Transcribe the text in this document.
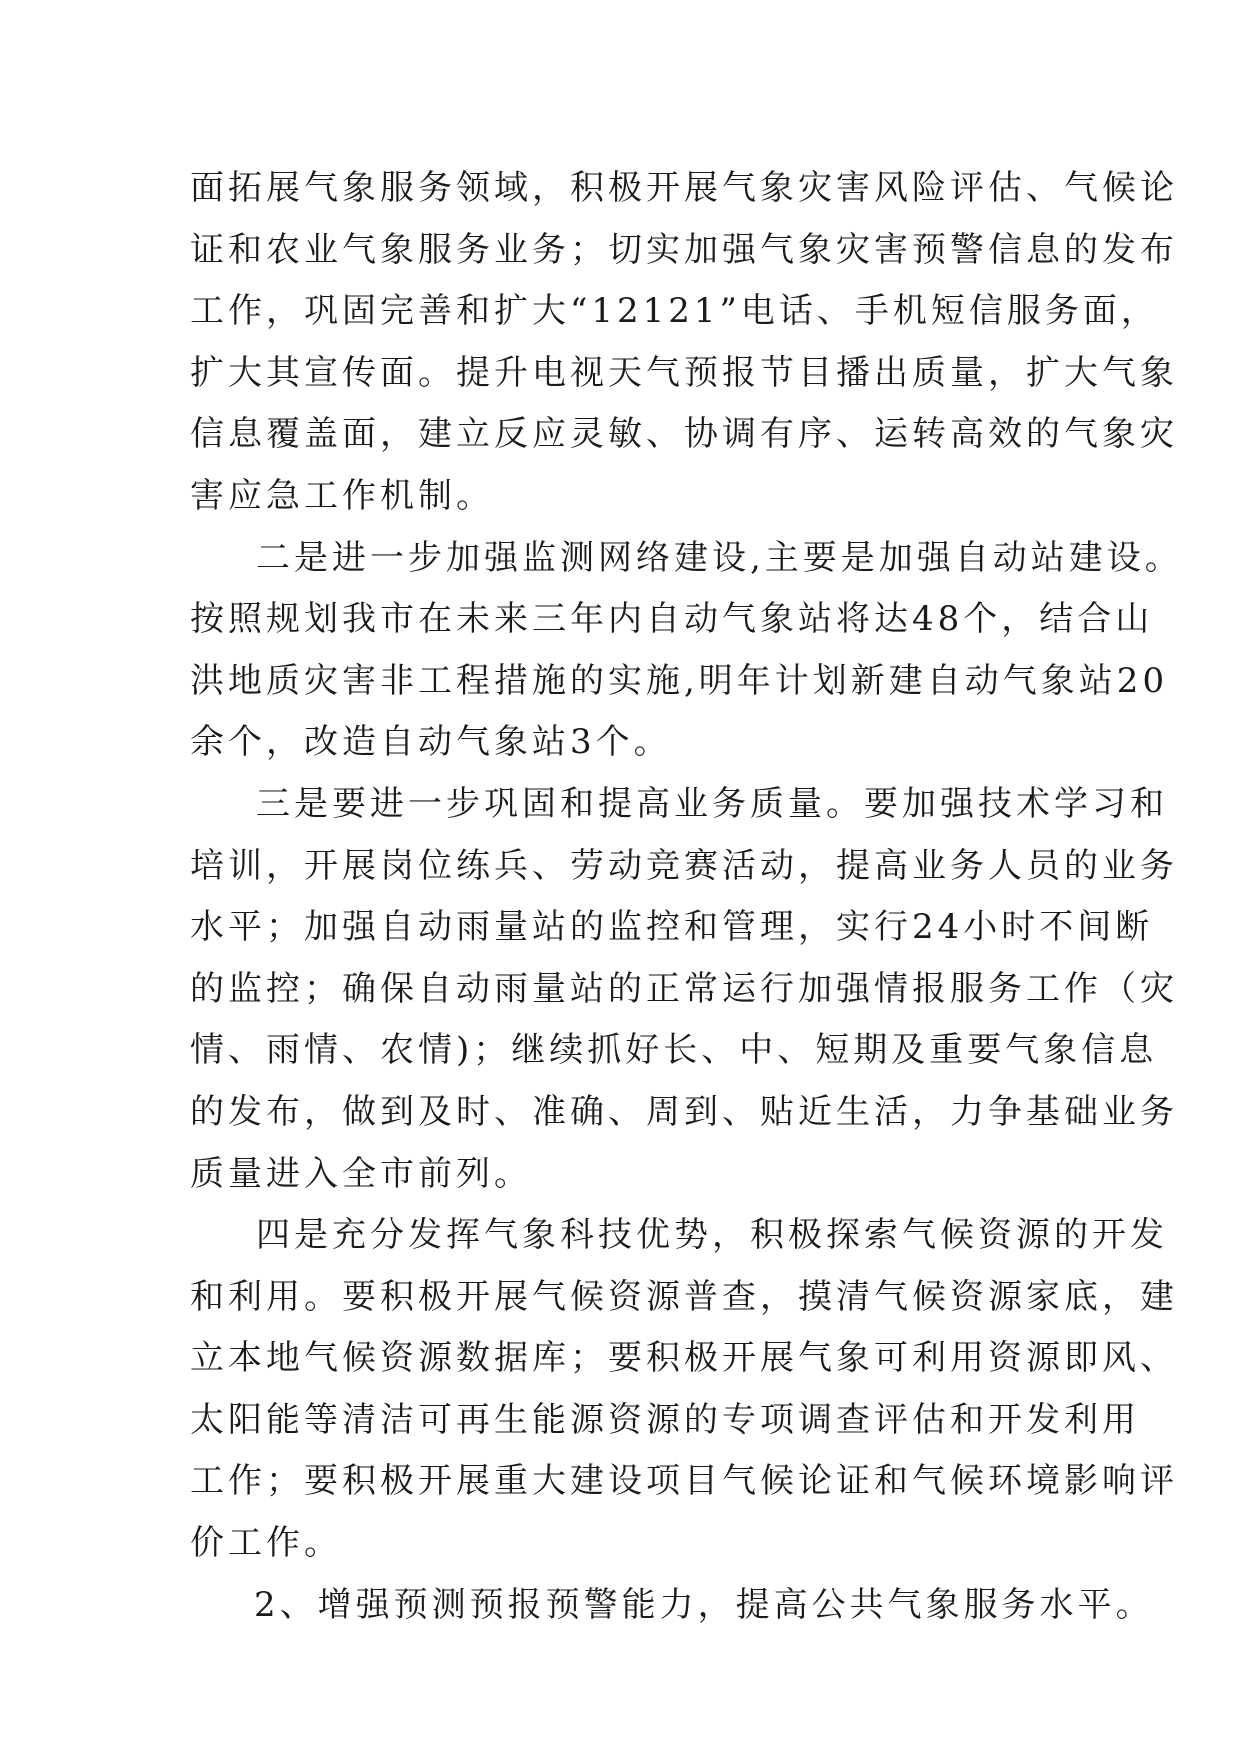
面拓展气象服务领域，积极开展气象灾害风险评估、气候论
证和农业气象服务业务；切实加强气象灾害预警信息的发布
工作，巩固完善和扩大“12121”电话、手机短信服务面，
扩大其宣传面。提升电视天气预报节目播出质量，扩大气象
信息覆盖面，建立反应灵敏、协调有序、运转高效的气象灾
害应急工作机制。
二是进一步加强监测网络建设,主要是加强自动站建设。
按照规划我市在未来三年内自动气象站将达48个，结合山
洪地质灾害非工程措施的实施,明年计划新建自动气象站20
余个，改造自动气象站3个。
三是要进一步巩固和提高业务质量。要加强技术学习和
培训，开展岗位练兵、劳动竞赛活动，提高业务人员的业务
水平；加强自动雨量站的监控和管理，实行24小时不间断
的监控；确保自动雨量站的正常运行加强情报服务工作（灾
情、雨情、农情)；继续抓好长、中、短期及重要气象信息
的发布，做到及时、准确、周到、贴近生活，力争基础业务
质量进入全市前列。
四是充分发挥气象科技优势，积极探索气候资源的开发
和利用。要积极开展气候资源普查，摸清气候资源家底，建
立本地气候资源数据库；要积极开展气象可利用资源即风、
太阳能等清洁可再生能源资源的专项调查评估和开发利用
工作；要积极开展重大建设项目气候论证和气候环境影响评
价工作。
2、增强预测预报预警能力，提高公共气象服务水平。
